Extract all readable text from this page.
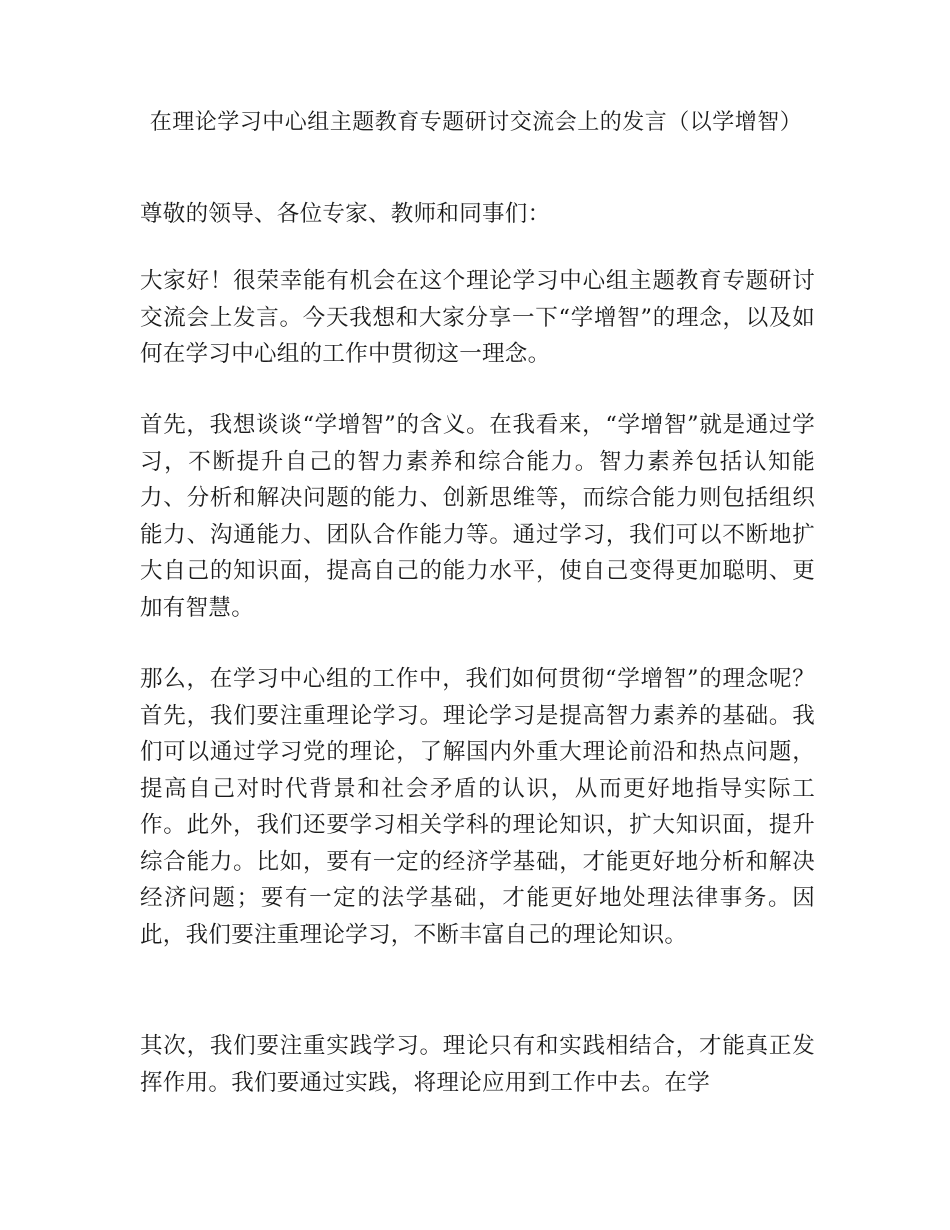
在理论学习中心组主题教育专题研讨交流会上的发言（以学增智）

尊敬的领导、各位专家、教师和同事们：

大家好！很荣幸能有机会在这个理论学习中心组主题教育专题研讨交流会上发言。今天我想和大家分享一下“学增智”的理念，以及如何在学习中心组的工作中贯彻这一理念。

首先，我想谈谈“学增智”的含义。在我看来，“学增智”就是通过学习，不断提升自己的智力素养和综合能力。智力素养包括认知能力、分析和解决问题的能力、创新思维等，而综合能力则包括组织能力、沟通能力、团队合作能力等。通过学习，我们可以不断地扩大自己的知识面，提高自己的能力水平，使自己变得更加聪明、更加有智慧。

那么，在学习中心组的工作中，我们如何贯彻“学增智”的理念呢？首先，我们要注重理论学习。理论学习是提高智力素养的基础。我们可以通过学习党的理论，了解国内外重大理论前沿和热点问题，提高自己对时代背景和社会矛盾的认识，从而更好地指导实际工作。此外，我们还要学习相关学科的理论知识，扩大知识面，提升综合能力。比如，要有一定的经济学基础，才能更好地分析和解决经济问题；要有一定的法学基础，才能更好地处理法律事务。因此，我们要注重理论学习，不断丰富自己的理论知识。

其次，我们要注重实践学习。理论只有和实践相结合，才能真正发挥作用。我们要通过实践，将理论应用到工作中去。在学
